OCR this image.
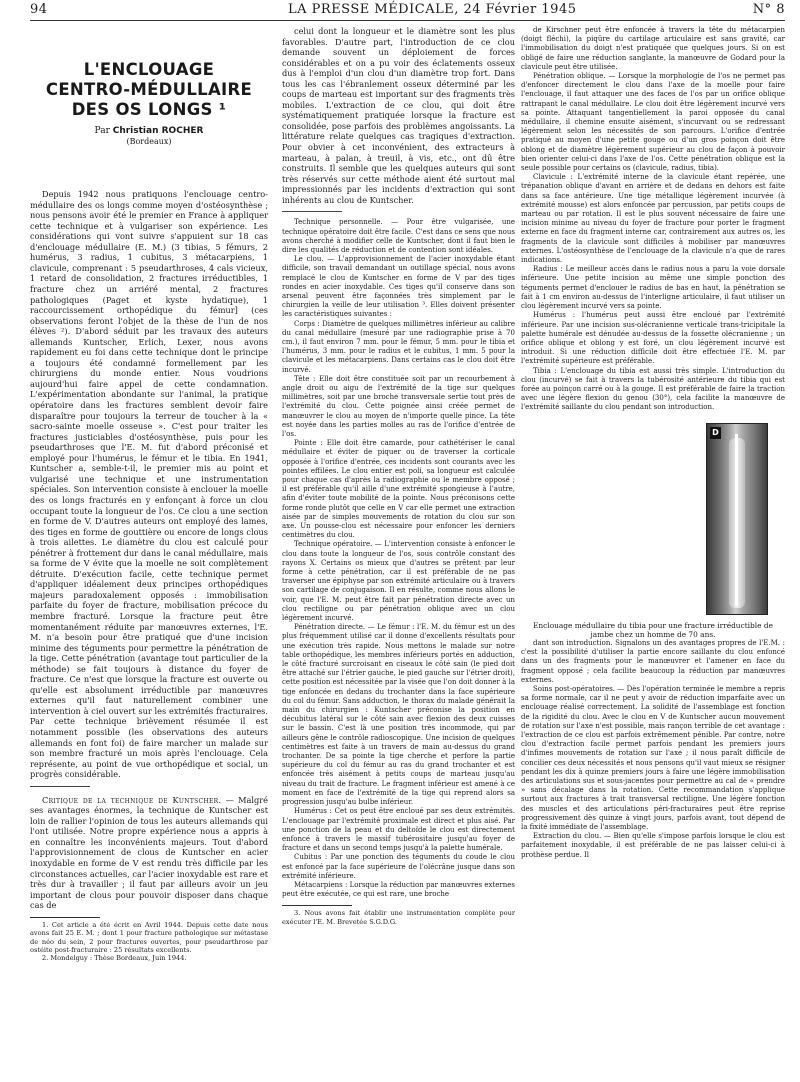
94	LA PRESSE MÉDICALE, 24 Février 1945	N° 8
L'ENCLOUAGE
CENTRO-MÉDULLAIRE
DES OS LONGS ¹
Par Christian ROCHER
(Bordeaux)

Depuis 1942 nous pratiquons l'enclouage centro-médullaire des os longs comme moyen d'ostéosynthèse ; nous pensons avoir été le premier en France à appliquer cette technique et à vulgariser son expérience. Les considérations qui vont suivre s'appuient sur 18 cas d'enclouage médullaire (E. M.) (3 tibias, 5 fémurs, 2 humérus, 3 radius, 1 cubitus, 3 métacarpiens, 1 clavicule, comprenant : 5 pseudarthroses, 4 cals vicieux, 1 retard de consolidation, 2 fractures irréductibles, 1 fracture chez un arriéré mental, 2 fractures pathologiques (Paget et kyste hydatique), 1 raccourcissement orthopédique du fémur] (ces observations feront l'objet de la thèse de l'un de nos élèves ²). D'abord séduit par les travaux des auteurs allemands Kuntscher, Erlich, Lexer, nous avons rapidement eu foi dans cette technique dont le principe a toujours été condamné formellement par les chirurgiens du monde entier. Nous voudrions aujourd'hui faire appel de cette condamnation. L'expérimentation abondante sur l'animal, la pratique opératoire dans les fractures semblent devoir faire disparaître pour toujours la terreur de toucher à la « sacro-sainte moelle osseuse ». C'est pour traiter les fractures justiciables d'ostéosynthèse, puis pour les pseudarthroses que l'E. M. fut d'abord préconisé et employé pour l'humérus, le fémur et le tibia. En 1941, Kuntscher a, semble-t-il, le premier mis au point et vulgarisé une technique et une instrumentation spéciales. Son intervention consiste à enclouer la moelle des os longs fracturés en y enfonçant à force un clou occupant toute la longueur de l'os. Ce clou a une section en forme de V. D'autres auteurs ont employé des lames, des tiges en forme de gouttière ou encore de longs clous à trois ailettes. Le diamètre du clou est calculé pour pénétrer à frottement dur dans le canal médullaire, mais sa forme de V évite que la moelle ne soit complètement détruite. D'exécution facile, cette technique permet d'appliquer idéalement deux principes orthopédiques majeurs paradoxalement opposés : immobilisation parfaite du foyer de fracture, mobilisation précoce du membre fracturé. Lorsque la fracture peut être momentanément réduite par manœuvres externes, l'E. M. n'a besoin pour être pratiqué que d'une incision minime des téguments pour permettre la pénétration de la tige. Cette pénétration (avantage tout particulier de la méthode) se fait toujours à distance du foyer de fracture. Ce n'est que lorsque la fracture est ouverte ou qu'elle est absolument irréductible par manœuvres externes qu'il faut naturellement combiner une intervention à ciel ouvert sur les extrémités fracturaires. Par cette technique brièvement résumée il est notamment possible (les observations des auteurs allemands en font foi) de faire marcher un malade sur son membre fracturé un mois après l'enclouage. Cela représente, au point de vue orthopédique et social, un progrès considérable.

Critique de la technique de Kuntscher. — Malgré ses avantages énormes, la technique de Kuntscher est loin de rallier l'opinion de tous les auteurs allemands qui l'ont utilisée. Notre propre expérience nous a appris à en connaître les inconvénients majeurs. Tout d'abord l'approvisionnement de clous de Kuntscher en acier inoxydable en forme de V est rendu très difficile par les circonstances actuelles, car l'acier inoxydable est rare et très dur à travailler ; il faut par ailleurs avoir un jeu important de clous pour pouvoir disposer dans chaque cas de

1. Cet article a été écrit en Avril 1944. Depuis cette date nous avons fait 25 E. M. ; dont 1 pour fracture pathologique sur métastase de néo du sein, 2 pour fractures ouvertes, pour pseudarthrose par ostéite post-fracturaire : 25 résultats excellents.

2. Mondelguy : Thèse Bordeaux, Juin 1944.

celui dont la longueur et le diamètre sont les plus favorables. D'autre part, l'introduction de ce clou demande souvent un déploiement de forces considérables et on a pu voir des éclatements osseux dus à l'emploi d'un clou d'un diamètre trop fort. Dans tous les cas l'ébranlement osseux déterminé par les coups de marteau est important sur des fragments très mobiles. L'extraction de ce clou, qui doit être systématiquement pratiquée lorsque la fracture est consolidée, pose parfois des problèmes angoissants. La littérature relate quelques cas tragiques d'extraction. Pour obvier à cet inconvénient, des extracteurs à marteau, à palan, à treuil, à vis, etc., ont dû être construits. Il semble que les quelques auteurs qui sont très réservés sur cette méthode aient été surtout mal impressionnés par les incidents d'extraction qui sont inhérents au clou de Kuntscher.

Technique personnelle. — Pour être vulgarisée, une technique opératoire doit être facile. C'est dans ce sens que nous avons cherché à modifier celle de Kuntscher, dont il faut bien le dire les qualités de réduction et de contention sont idéales.

Le clou. — L'approvisionnement de l'acier inoxydable étant difficile, son travail demandant un outillage spécial, nous avons remplacé le clou de Kuntscher en forme de V par des tiges rondes en acier inoxydable. Ces tiges qu'il conserve dans son arsenal peuvent être façonnées très simplement par le chirurgien la veille de leur utilisation ³. Elles doivent présenter les caractéristiques suivantes :

Corps : Diamètre de quelques millimètres inférieur au calibre du canal médullaire (mesuré par une radiographie prise à 70 cm.), il faut environ 7 mm. pour le fémur, 5 mm. pour le tibia et l'humérus, 3 mm. pour le radius et le cubitus, 1 mm. 5 pour la clavicule et les métacarpiens. Dans certains cas le clou doit être incurvé.

Tête : Elle doit être constituée soit par un recourbement à angle droit ou aigu de l'extrémité de la tige sur quelques millimètres, soit par une broche transversale sertie tout près de l'extrémité du clou. Cette poignée ainsi créée permet de manœuvrer le clou au moyen de n'importe quelle pince. La tête est noyée dans les parties molles au ras de l'orifice d'entrée de l'os.

Pointe : Elle doit être camarde, pour cathétériser le canal médullaire et éviter de piquer ou de traverser la corticale opposée à l'orifice d'entrée, ces incidents sont courants avec les pointes effilées. Le clou entier est poli, sa longueur est calculée pour chaque cas d'après la radiographie ou le membre opposé ; il est préférable qu'il aille d'une extrémité spongieuse à l'autre, afin d'éviter toute mobilité de la pointe. Nous préconisons cette forme ronde plutôt que celle en V car elle permet une extraction aisée par de simples mouvements de rotation du clou sur son axe. Un pousse-clou est nécessaire pour enfoncer les derniers centimètres du clou.

Technique opératoire. — L'intervention consiste à enfoncer le clou dans toute la longueur de l'os, sous contrôle constant des rayons X. Certains os mieux que d'autres se prêtent par leur forme à cette pénétration, car il est préférable de ne pas traverser une épiphyse par son extrémité articulaire ou à travers son cartilage de conjugaison. Il en résulte, comme nous allons le voir, que l'E. M. peut être fait par pénétration directe avec un clou rectiligne ou par pénétration oblique avec un clou légèrement incurvé.

Pénétration directe. — Le fémur : l'E. M. du fémur est un des plus fréquemment utilisé car il donne d'excellents résultats pour une exécution très rapide. Nous mettons le malade sur notre table orthopédique, les membres inférieurs portés en adduction, le côté fracturé surcroisant en ciseaux le côté sain (le pied doit être attaché sur l'étrier gauche, le pied gauche sur l'étrier droit), cette position est nécessitée par la visée que l'on doit donner à la tige enfoncée en dedans du trochanter dans la face supérieure du col du fémur. Sans adduction, le thorax du malade générait la main du chirurgien : Kuntscher préconise la position en décubitus latéral sur le côté sain avec flexion des deux cuisses sur le bassin. C'est là une position très incommode, qui par ailleurs gêne le contrôle radioscopique. Une incision de quelques centimètres est faite à un travers de main au-dessus du grand trochanter. De sa pointe la tige cherche et perfore la partie supérieure du col du fémur au ras du grand trochanter et est enfoncée très aisément à petits coups de marteau jusqu'au niveau du trait de fracture. Le fragment inférieur est amené à ce moment en face de l'extrémité de la tige qui reprend alors sa progression jusqu'au bulbe inférieur.

Humérus : Cet os peut être encloué par ses deux extrémités. L'enclouage par l'extrémité proximale est direct et plus aisé. Par une ponction de la peau et du deltoïde le clou est directement enfoncé à travers le massif tubérositaire jusqu'au foyer de fracture et dans un second temps jusqu'à la palette humérale.

Cubitus : Par une ponction des téguments du coude le clou est enfoncé par la face supérieure de l'olécrâne jusque dans son extrémité inférieure.

Métacarpiens : Lorsque la réduction par manœuvres externes peut être exécutée, ce qui est rare, une broche

3. Nous avons fait établir une instrumentation complète pour exécuter l'E. M. Brevetée S.G.D.G.

de Kirschner peut être enfoncée à travers la tête du métacarpien (doigt fléchi), la piqûre du cartilage articulaire est sans gravité, car l'immobilisation du doigt n'est pratiquée que quelques jours. Si on est obligé de faire une réduction sanglante, la manœuvre de Godard pour la clavicule peut être utilisée.

Pénétration oblique. — Lorsque la morphologie de l'os ne permet pas d'enfoncer directement le clou dans l'axe de la moelle pour faire l'enclouage, il faut attaquer une des faces de l'os par un orifice oblique rattrapant le canal médullaire. Le clou doit être légèrement incurvé vers sa pointe. Attaquant tangentiellement la paroi opposée du canal médullaire, il chemine ensuite aisément, s'incurvant ou se redressant légèrement selon les nécessités de son parcours. L'orifice d'entrée pratiqué au moyen d'une petite gouge ou d'un gros poinçon doit être oblong et de diamètre légèrement supérieur au clou de façon à pouvoir bien orienter celui-ci dans l'axe de l'os. Cette pénétration oblique est la seule possible pour certains os (clavicule, radius, tibia).

Clavicule : L'extrémité interne de la clavicule étant repérée, une trépanation oblique d'avant en arrière et de dedans en dehors est faite dans sa face antérieure. Une tige métallique légèrement incurvée (à extrémité mousse) est alors enfoncée par percussion, par petits coups de marteau ou par rotation. Il est le plus souvent nécessaire de faire une incision minime au niveau du foyer de fracture pour porter le fragment externe en face du fragment interne car, contrairement aux autres os, les fragments de la clavicule sont difficiles à mobiliser par manœuvres externes. L'ostéosynthèse de l'enclouage de la clavicule n'a que de rares indications.

Radius : Le meilleur accès dans le radius nous a paru la voie dorsale inférieure. Une petite incision au même une simple ponction des téguments permet d'enclouer le radius de bas en haut, la pénétration se fait à 1 cm environ au-dessus de l'interligne articulaire, il faut utiliser un clou légèrement incurvé vers sa pointe.

Humérus : l'humérus peut aussi être encloué par l'extrémité inférieure. Par une incision sus-olécranienne verticale trans-tricipitale la palette humérale est dénudée au-dessus de la fossette olécranienne ; un orifice oblique et oblong y est foré, un clou légèrement incurvé est introduit. Si une réduction difficile doit être effectuée l'E. M. par l'extrémité supérieure est préférable.

Tibia : L'enclouage du tibia est aussi très simple. L'introduction du clou (incurvé) se fait à travers la tubérosité antérieure du tibia qui est forée au poinçon carré ou à la gouge. Il est préférable de faire la traction avec une légère flexion du genou (30°), cela facilite la manœuvre de l'extrémité saillante du clou pendant son introduction.

D

Enclouage médullaire du tibia pour une fracture irréductible de jambe chez un homme de 70 ans.

dant son introduction. Signalons un des avantages propres de l'E.M. : c'est la possibilité d'utiliser la partie encore saillante du clou enfoncé dans un des fragments pour le manœuvrer et l'amener en face du fragment opposé ; cela facilite beaucoup la réduction par manœuvres externes.

Soins post-opératoires. — Dès l'opération terminée le membre a repris sa forme normale, car il ne peut y avoir de réduction imparfaite avec un enclouage réalisé correctement. La solidité de l'assemblage est fonction de la rigidité du clou. Avec le clou en V de Kuntscher aucun mouvement de rotation sur l'axe n'est possible, mais rançon terrible de cet avantage : l'extraction de ce clou est parfois extrêmement pénible. Par contre, notre clou d'extraction facile permet parfois pendant les premiers jours d'infimes mouvements de rotation sur l'axe ; il nous paraît difficile de concilier ces deux nécessités et nous pensons qu'il vaut mieux se résigner pendant les dix à quinze premiers jours à faire une légère immobilisation des articulations sus et sous-jacentes pour permettre au cal de « prendre » sans décalage dans la rotation. Cette recommandation s'applique surtout aux fractures à trait transversal rectiligne. Une légère fonction des muscles et des articulations péri-fracturaires peut être reprise progressivement dès quinze à vingt jours, parfois avant, tout dépend de la fixité immédiate de l'assemblage.

Extraction du clou. — Bien qu'elle s'impose parfois lorsque le clou est parfaitement inoxydable, il est préférable de ne pas laisser celui-ci à prothèse perdue. Il
